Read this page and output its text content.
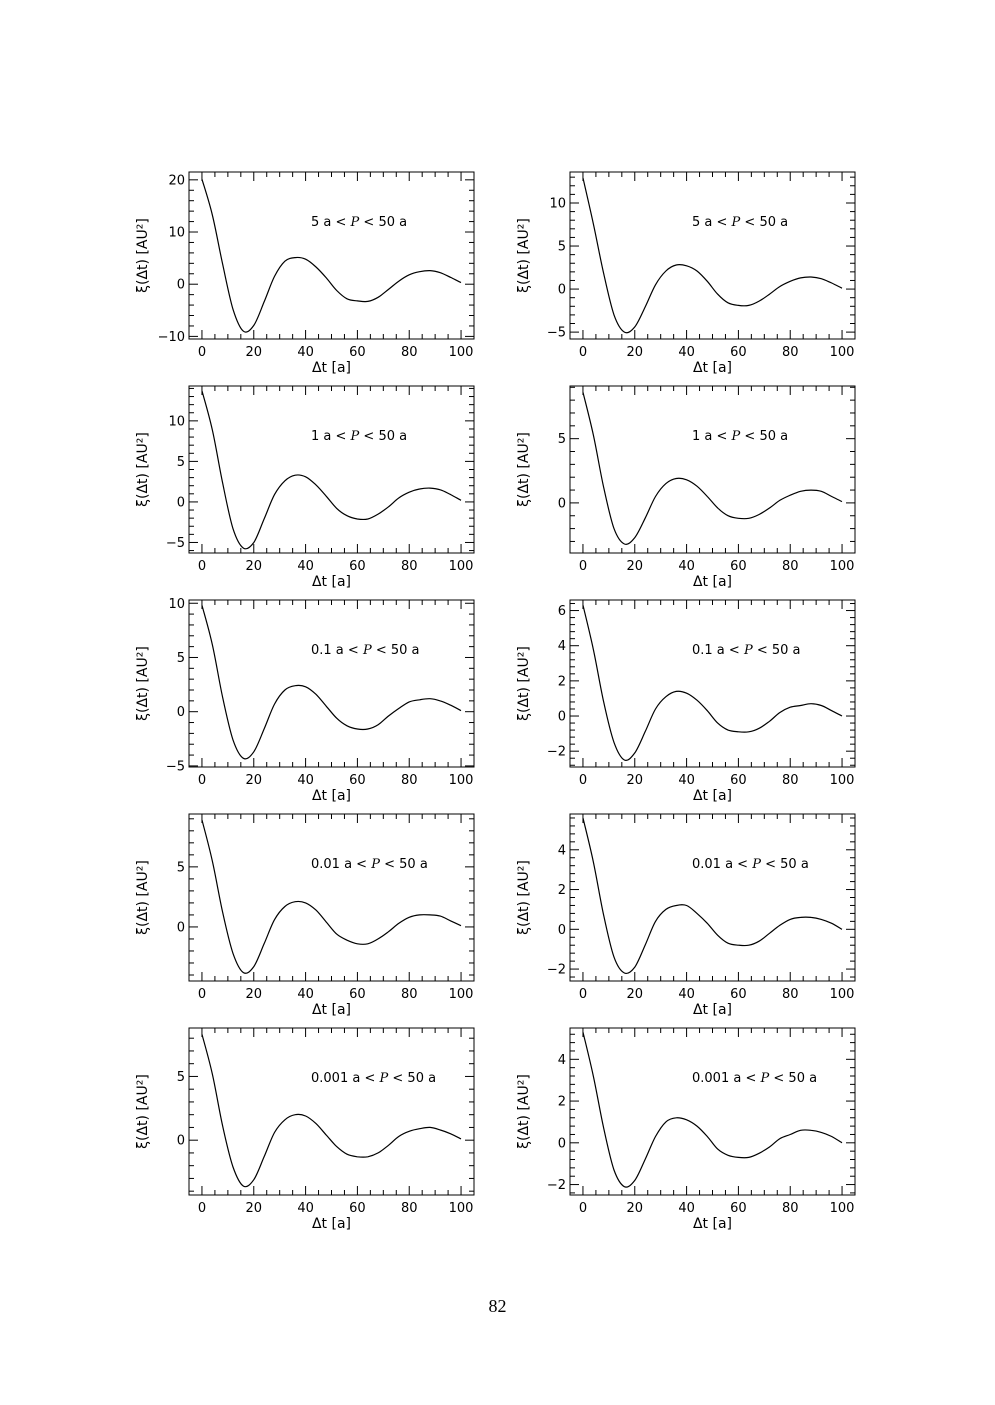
0	20	40	60	80 100
−10
0
10
20
Δt [a]
ξ(Δt) [AU²]	5 a < P < 50 a
0	20	40	60	80 100
−5
0
5
10
Δt [a]
ξ(Δt) [AU²]	5 a < P < 50 a
0	20	40	60	80 100
−5
0
5
10
Δt [a]
ξ(Δt) [AU²]	1 a < P < 50 a
0	20	40	60	80 100
0
5
Δt [a]
ξ(Δt) [AU²]	1 a < P < 50 a
0	20	40	60	80 100
−5
0
5
10
Δt [a]
ξ(Δt) [AU²]	0.1 a < P < 50 a
0	20	40	60	80 100
−2
0
2
4
6
Δt [a]
ξ(Δt) [AU²]	0.1 a < P < 50 a
0	20	40	60	80 100
0
5
Δt [a]
ξ(Δt) [AU²]	0.01 a < P < 50 a
0	20	40	60	80 100
−2
0
2
4
Δt [a]
ξ(Δt) [AU²]	0.01 a < P < 50 a
0	20	40	60	80 100
0
5
Δt [a]
ξ(Δt) [AU²]	0.001 a < P < 50 a
0	20	40	60	80 100
−2
0
2
4
Δt [a]
ξ(Δt) [AU²]	0.001 a < P < 50 a
82
